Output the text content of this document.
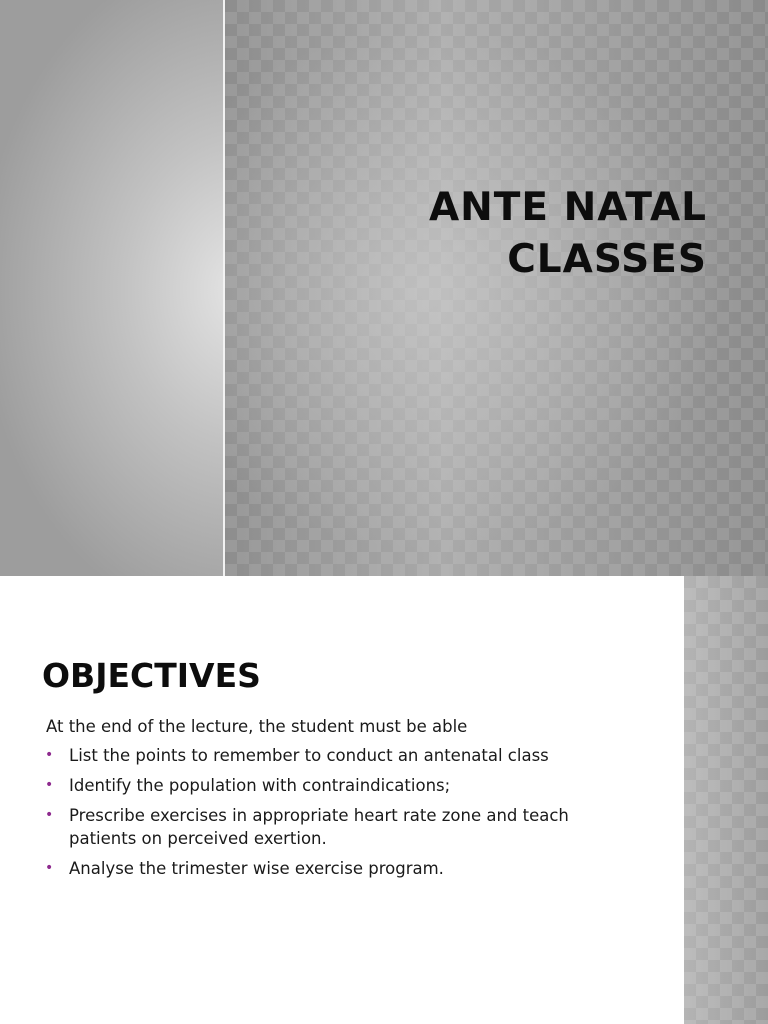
ANTE NATAL
CLASSES
OBJECTIVES

At the end of the lecture, the student must be able

• List the points to remember to conduct an antenatal class
• Identify the population with contraindications;
• Prescribe exercises in appropriate heart rate zone and teach patients on perceived exertion.
• Analyse the trimester wise exercise program.
